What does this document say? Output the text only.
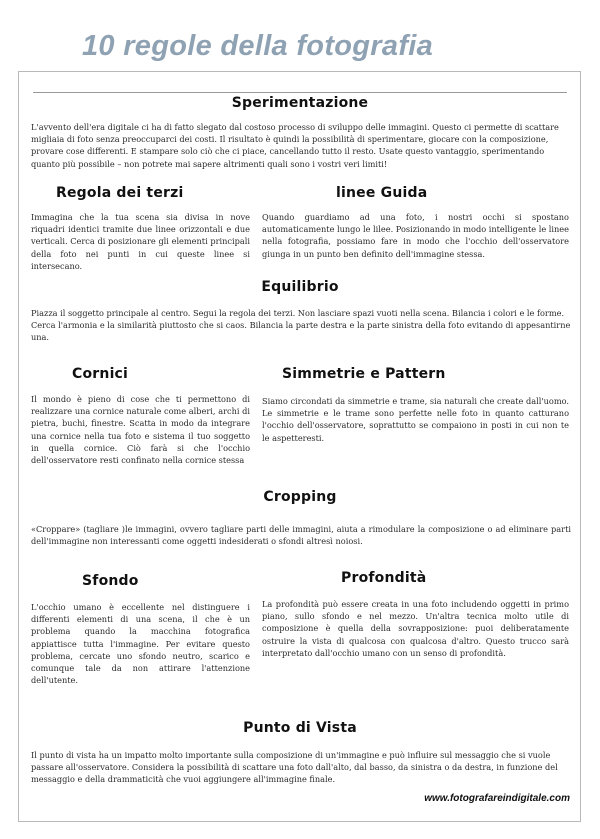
10 regole della fotografia
Sperimentazione

L'avvento dell'era digitale ci ha di fatto slegato dal costoso processo di sviluppo delle immagini. Questo ci permette di scattare migliaia di foto senza preoccuparci dei costi. Il risultato è quindi la possibilità di sperimentare, giocare con la composizione, provare cose differenti. E stampare solo ciò che ci piace, cancellando tutto il resto. Usate questo vantaggio, sperimentando quanto più possibile – non potrete mai sapere altrimenti quali sono i vostri veri limiti!

Regola dei terzi

Immagina che la tua scena sia divisa in nove riquadri identici tramite due linee orizzontali e due verticali. Cerca di posizionare gli elementi principali della foto nei punti in cui queste linee si intersecano.

linee Guida

Quando guardiamo ad una foto, i nostri occhi si spostano automaticamente lungo le lilee. Posizionando in modo intelligente le linee nella fotografia, possiamo fare in modo che l'occhio dell'osservatore giunga in un punto ben definito dell'immagine stessa.

Equilibrio

Piazza il soggetto principale al centro. Segui la regola dei terzi. Non lasciare spazi vuoti nella scena. Bilancia i colori e le forme. Cerca l'armonia e la similarità piuttosto che si caos. Bilancia la parte destra e la parte sinistra della foto evitando di appesantirne una.

Cornici

Il mondo è pieno di cose che ti permettono di realizzare una cornice naturale come alberi, archi di pietra, buchi, finestre. Scatta in modo da integrare una cornice nella tua foto e sistema il tuo soggetto in quella cornice. Ciò farà si che l'occhio dell'osservatore resti confinato nella cornice stessa

Simmetrie e Pattern

Siamo circondati da simmetrie e trame, sia naturali che create dall'uomo. Le simmetrie e le trame sono perfette nelle foto in quanto catturano l'occhio dell'osservatore, soprattutto se compaiono in posti in cui non te le aspetteresti.

Cropping

«Croppare» (tagliare )le immagini, ovvero tagliare parti delle immagini, aiuta a rimodulare la composizione o ad eliminare parti dell'immagine non interessanti come oggetti indesiderati o sfondi altresì noiosi.

Sfondo

L'occhio umano è eccellente nel distinguere i differenti elementi di una scena, il che è un problema quando la macchina fotografica appiattisce tutta l'immagine. Per evitare questo problema, cercate uno sfondo neutro, scarico e comunque tale da non attirare l'attenzione dell'utente.

Profondità

La profondità può essere creata in una foto includendo oggetti in primo piano, sullo sfondo e nel mezzo. Un'altra tecnica molto utile di composizione è quella della sovrapposizione: puoi deliberatamente ostruire la vista di qualcosa con qualcosa d'altro. Questo trucco sarà interpretato dall'occhio umano con un senso di profondità.

Punto di Vista

Il punto di vista ha un impatto molto importante sulla composizione di un'immagine e può influire sul messaggio che si vuole passare all'osservatore. Considera la possibilità di scattare una foto dall'alto, dal basso, da sinistra o da destra, in funzione del messaggio e della drammaticità che vuoi aggiungere all'immagine finale.

www.fotografareindigitale.com
